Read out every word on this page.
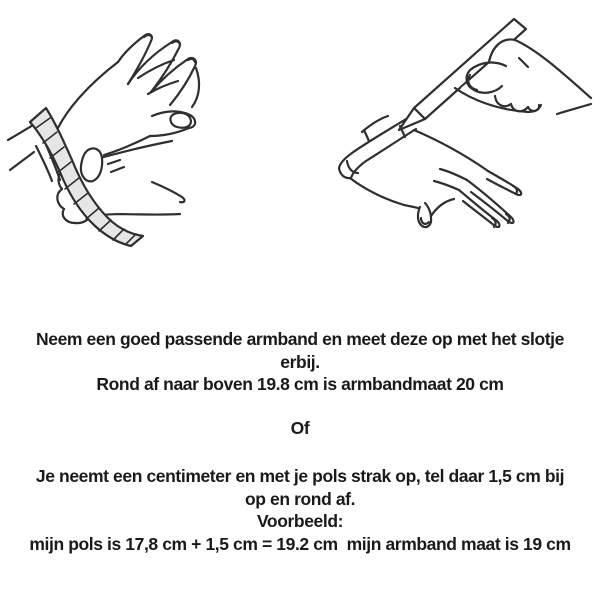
Neem een goed passende armband en meet deze op met het slotje
erbij.
Rond af naar boven 19.8 cm is armbandmaat 20 cm

Of

Je neemt een centimeter en met je pols strak op, tel daar 1,5 cm bij
op en rond af.
Voorbeeld:
mijn pols is 17,8 cm + 1,5 cm = 19.2 cm  mijn armband maat is 19 cm
